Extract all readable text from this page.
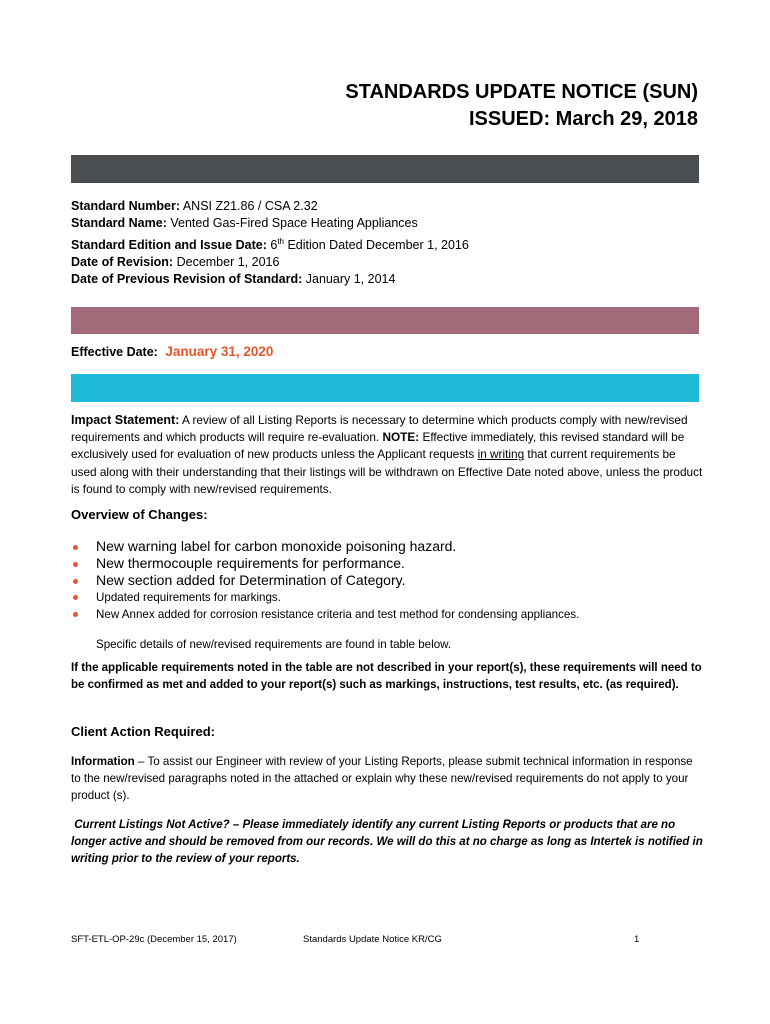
STANDARDS UPDATE NOTICE (SUN)
ISSUED: March 29, 2018
Standard Number: ANSI Z21.86 / CSA 2.32
Standard Name: Vented Gas-Fired Space Heating Appliances
Standard Edition and Issue Date: 6th Edition Dated December 1, 2016
Date of Revision: December 1, 2016
Date of Previous Revision of Standard: January 1, 2014
Effective Date: January 31, 2020
Impact Statement: A review of all Listing Reports is necessary to determine which products comply with new/revised requirements and which products will require re-evaluation. NOTE: Effective immediately, this revised standard will be exclusively used for evaluation of new products unless the Applicant requests in writing that current requirements be used along with their understanding that their listings will be withdrawn on Effective Date noted above, unless the product is found to comply with new/revised requirements.
Overview of Changes:
New warning label for carbon monoxide poisoning hazard.
New thermocouple requirements for performance.
New section added for Determination of Category.
Updated requirements for markings.
New Annex added for corrosion resistance criteria and test method for condensing appliances.
Specific details of new/revised requirements are found in table below.
If the applicable requirements noted in the table are not described in your report(s), these requirements will need to be confirmed as met and added to your report(s) such as markings, instructions, test results, etc. (as required).
Client Action Required:
Information – To assist our Engineer with review of your Listing Reports, please submit technical information in response to the new/revised paragraphs noted in the attached or explain why these new/revised requirements do not apply to your product (s).
Current Listings Not Active? – Please immediately identify any current Listing Reports or products that are no longer active and should be removed from our records. We will do this at no charge as long as Intertek is notified in writing prior to the review of your reports.
SFT-ETL-OP-29c (December 15, 2017)	Standards Update Notice KR/CG	1
